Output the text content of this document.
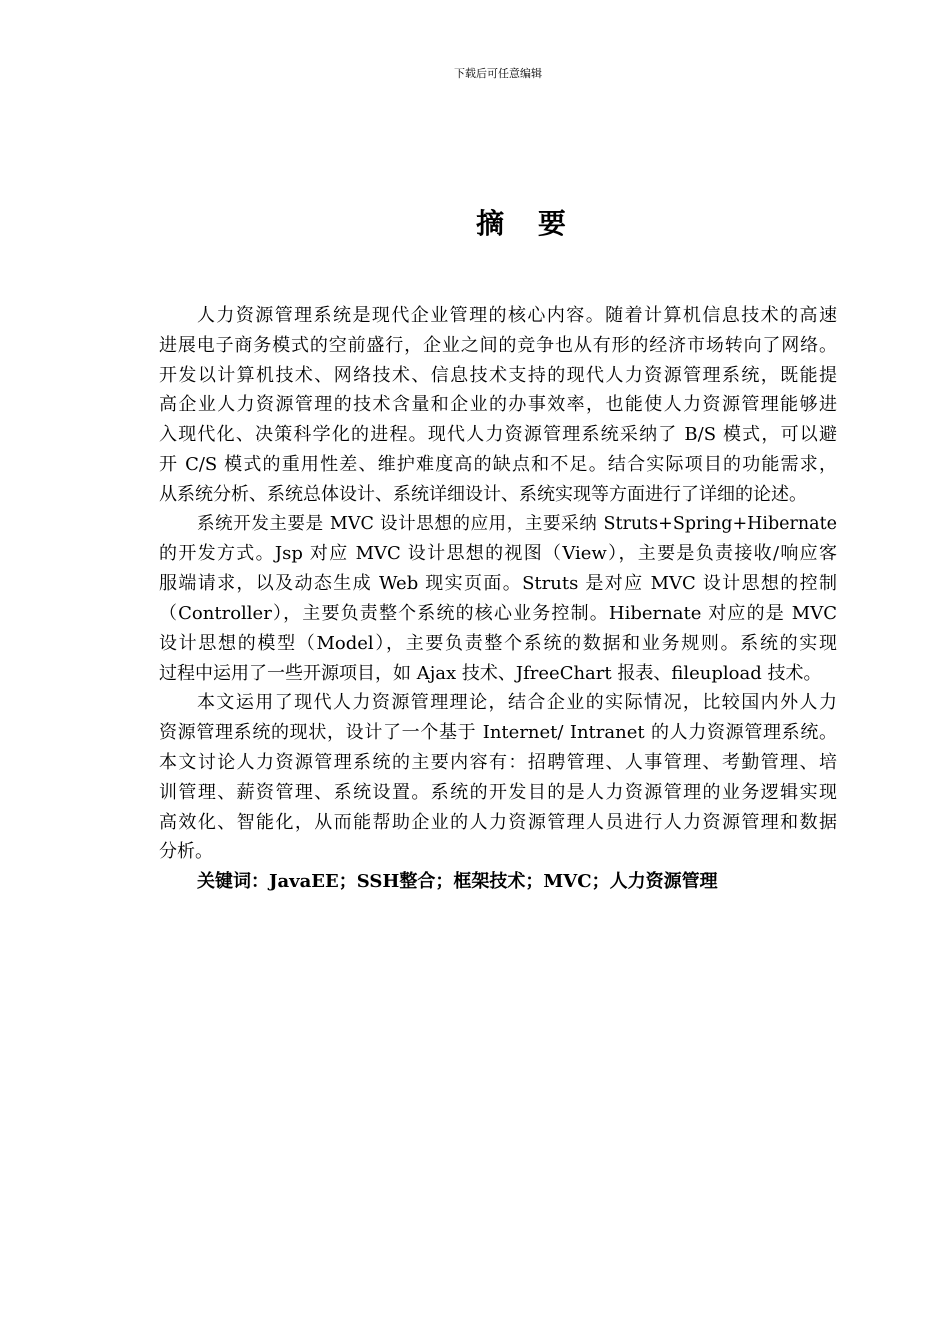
下载后可任意编辑
摘 要
人力资源管理系统是现代企业管理的核心内容。随着计算机信息技术的高速
进展电子商务模式的空前盛行，企业之间的竞争也从有形的经济市场转向了网络。
开发以计算机技术、网络技术、信息技术支持的现代人力资源管理系统，既能提
高企业人力资源管理的技术含量和企业的办事效率，也能使人力资源管理能够进
入现代化、决策科学化的进程。现代人力资源管理系统采纳了 B/S 模式，可以避
开 C/S 模式的重用性差、维护难度高的缺点和不足。结合实际项目的功能需求，
从系统分析、系统总体设计、系统详细设计、系统实现等方面进行了详细的论述。
系统开发主要是 MVC 设计思想的应用，主要采纳 Struts+Spring+Hibernate
的开发方式。Jsp 对应 MVC 设计思想的视图（View），主要是负责接收/响应客
服端请求，以及动态生成 Web 现实页面。Struts 是对应 MVC 设计思想的控制
（Controller），主要负责整个系统的核心业务控制。Hibernate 对应的是 MVC
设计思想的模型（Model），主要负责整个系统的数据和业务规则。系统的实现
过程中运用了一些开源项目，如 Ajax 技术、JfreeChart 报表、fileupload 技术。
本文运用了现代人力资源管理理论，结合企业的实际情况，比较国内外人力
资源管理系统的现状，设计了一个基于 Internet/ Intranet 的人力资源管理系统。
本文讨论人力资源管理系统的主要内容有：招聘管理、人事管理、考勤管理、培
训管理、薪资管理、系统设置。系统的开发目的是人力资源管理的业务逻辑实现
高效化、智能化，从而能帮助企业的人力资源管理人员进行人力资源管理和数据
分析。
关键词：JavaEE；SSH整合；框架技术；MVC；人力资源管理
